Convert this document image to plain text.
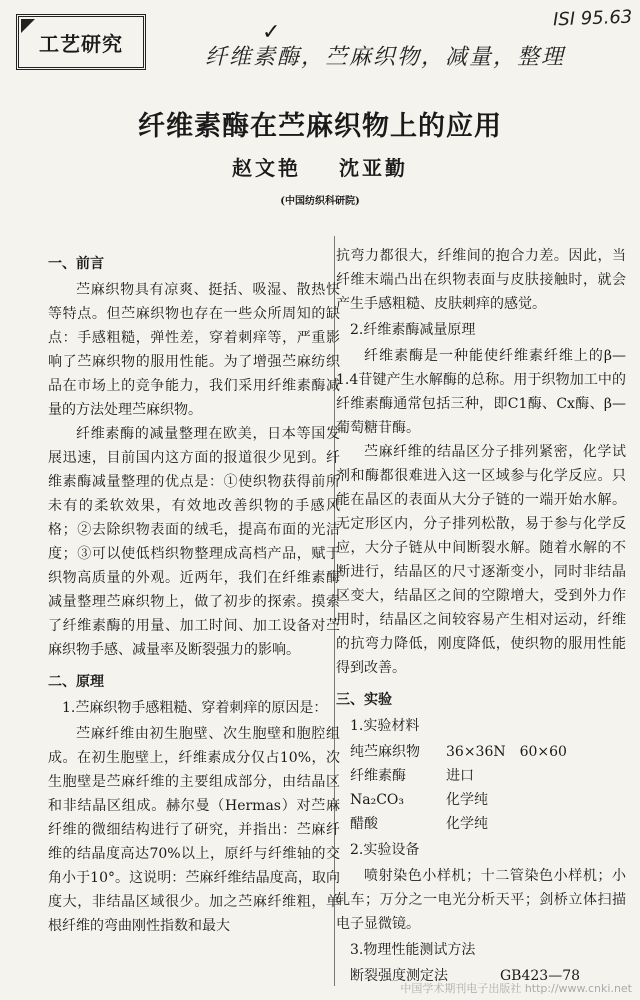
工艺研究
ISI 95.63
✓
纤维素酶，苎麻织物，减量，整理
纤维素酶在苎麻织物上的应用
赵文艳 沈亚勤
(中国纺织科研院)
一、前言

苎麻织物具有凉爽、挺括、吸湿、散热快等特点。但苎麻织物也存在一些众所周知的缺点：手感粗糙，弹性差，穿着刺痒等，严重影响了苎麻织物的服用性能。为了增强苎麻纺织品在市场上的竞争能力，我们采用纤维素酶减量的方法处理苎麻织物。

纤维素酶的减量整理在欧美，日本等国发展迅速，目前国内这方面的报道很少见到。纤维素酶减量整理的优点是：①使织物获得前所未有的柔软效果，有效地改善织物的手感风格；②去除织物表面的绒毛，提高布面的光洁度；③可以使低档织物整理成高档产品，赋于织物高质量的外观。近两年，我们在纤维素酶减量整理苎麻织物上，做了初步的探索。摸索了纤维素酶的用量、加工时间、加工设备对苎麻织物手感、减量率及断裂强力的影响。

二、原理

1.苎麻织物手感粗糙、穿着刺痒的原因是：

苎麻纤维由初生胞壁、次生胞壁和胞腔组成。在初生胞壁上，纤维素成分仅占10%，次生胞壁是苎麻纤维的主要组成部分，由结晶区和非结晶区组成。赫尔曼（Hermas）对苎麻纤维的微细结构进行了研究，并指出：苎麻纤维的结晶度高达70%以上，原纤与纤维轴的交角小于10°。这说明：苎麻纤维结晶度高，取向度大，非结晶区域很少。加之苎麻纤维粗，单根纤维的弯曲刚性指数和最大

抗弯力都很大，纤维间的抱合力差。因此，当纤维末端凸出在织物表面与皮肤接触时，就会产生手感粗糙、皮肤刺痒的感觉。

2.纤维素酶减量原理

纤维素酶是一种能使纤维素纤维上的β—1.4苷键产生水解酶的总称。用于织物加工中的纤维素酶通常包括三种，即C1酶、Cx酶、β—葡萄糖苷酶。

苎麻纤维的结晶区分子排列紧密，化学试剂和酶都很难进入这一区域参与化学反应。只能在晶区的表面从大分子链的一端开始水解。无定形区内，分子排列松散，易于参与化学反应，大分子链从中间断裂水解。随着水解的不断进行，结晶区的尺寸逐渐变小，同时非结晶区变大，结晶区之间的空隙增大，受到外力作用时，结晶区之间较容易产生相对运动，纤维的抗弯力降低，刚度降低，使织物的服用性能得到改善。

三、实验

1.实验材料

纯苎麻织物	36×36N　60×60
纤维素酶	进口
Na₂CO₃	化学纯
醋酸	化学纯

2.实验设备

喷射染色小样机；十二管染色小样机；小轧车；万分之一电光分析天平；剑桥立体扫描电子显微镜。

3.物理性能测试方法

断裂强度测定法	GB423—78
中国学术期刊电子出版社 http://www.cnki.net
